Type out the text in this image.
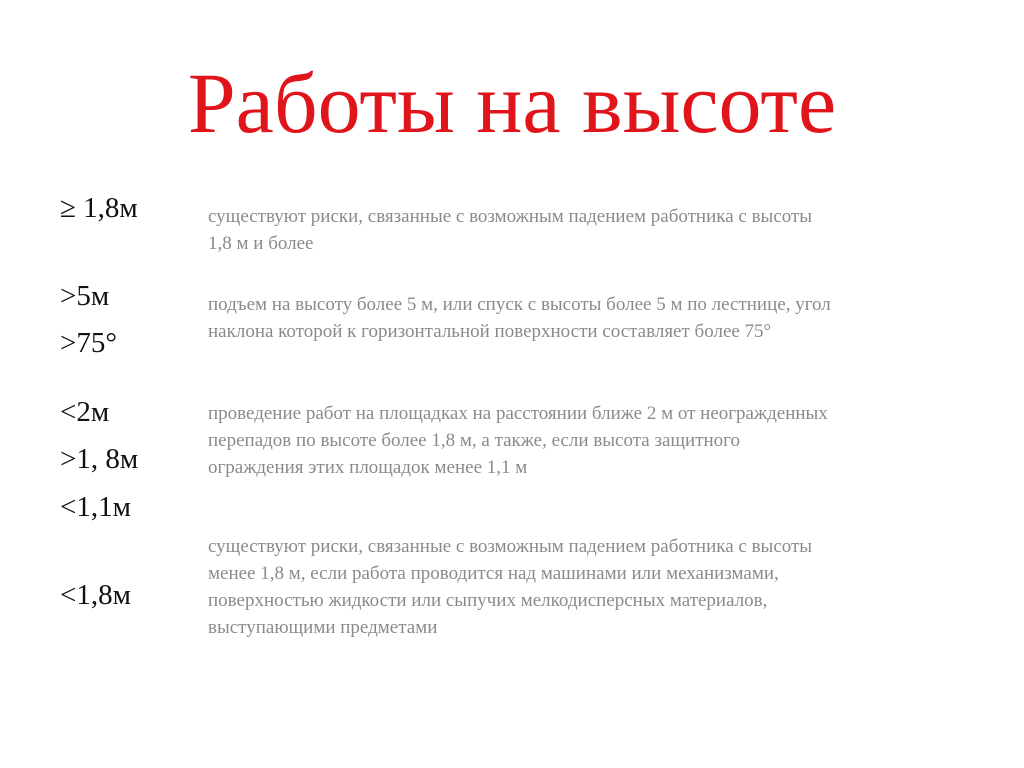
Работы на высоте
≥ 1,8м	существуют риски, связанные с возможным падением работника с высоты
1,8 м и более
>5м
>75°
подъем на высоту более 5 м, или спуск с высоты более 5 м по лестнице, угол
наклона которой к горизонтальной поверхности составляет более 75°
<2м
>1, 8м
<1,1м
проведение работ на площадках на расстоянии ближе 2 м от неогражденных
перепадов по высоте более 1,8 м, а также, если высота защитного
ограждения этих площадок менее 1,1 м
<1,8м
существуют риски, связанные с возможным падением работника с высоты
менее 1,8 м, если работа проводится над машинами или механизмами,
поверхностью жидкости или сыпучих мелкодисперсных материалов,
выступающими предметами
